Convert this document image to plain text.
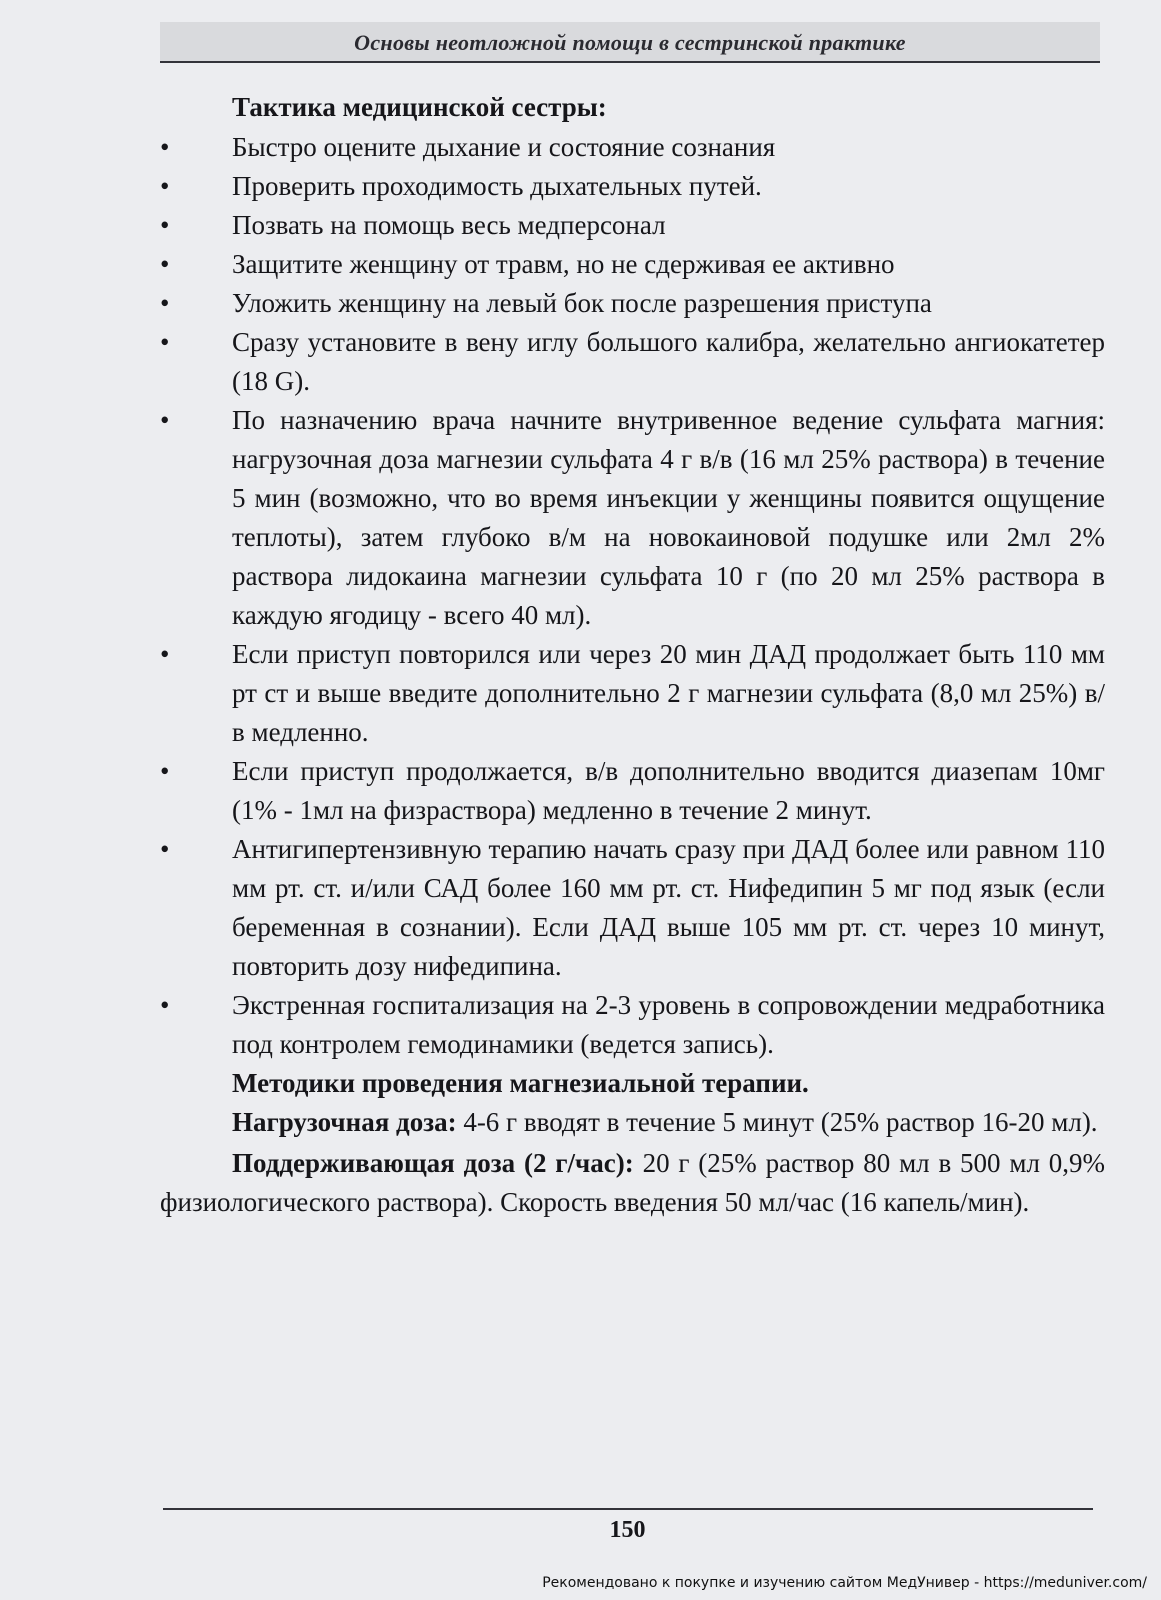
Основы неотложной помощи в сестринской практике
Тактика медицинской сестры:
•	Быстро оцените дыхание и состояние сознания
•	Проверить проходимость дыхательных путей.
•	Позвать на помощь весь медперсонал
•	Защитите женщину от травм, но не сдерживая ее активно
•	Уложить женщину на левый бок после разрешения приступа
•	Сразу установите в вену иглу большого калибра, желательно ангиокатетер (18 G).
•	По назначению врача начните внутривенное ведение сульфата магния: нагрузочная доза магнезии сульфата 4 г в/в (16 мл 25% раствора) в течение 5 мин (возможно, что во время инъекции у женщины появится ощущение теплоты), затем глубоко в/м на новокаиновой подушке или 2мл 2% раствора лидокаина магнезии сульфата 10 г (по 20 мл 25% раствора в каждую ягодицу - всего 40 мл).
•	Если приступ повторился или через 20 мин ДАД продолжает быть 110 мм рт ст и выше введите дополнительно 2 г магнезии сульфата (8,0 мл 25%) в/в медленно.
•	Если приступ продолжается, в/в дополнительно вводится диазепам 10мг (1% - 1мл на физраствора) медленно в течение 2 минут.
•	Антигипертензивную терапию начать сразу при ДАД более или равном 110 мм рт. ст. и/или САД более 160 мм рт. ст. Нифедипин 5 мг под язык (если беременная в сознании). Если ДАД выше 105 мм рт. ст. через 10 минут, повторить дозу нифедипина.
•	Экстренная госпитализация на 2-3 уровень в сопровождении медработника под контролем гемодинамики (ведется запись).
Методики проведения магнезиальной терапии.
Нагрузочная доза: 4-6 г вводят в течение 5 минут (25% раствор 16-20 мл).
Поддерживающая доза (2 г/час): 20 г (25% раствор 80 мл в 500 мл 0,9% физиологического раствора). Скорость введения 50 мл/час (16 капель/мин).
150
Рекомендовано к покупке и изучению сайтом МедУнивер - https://meduniver.com/
